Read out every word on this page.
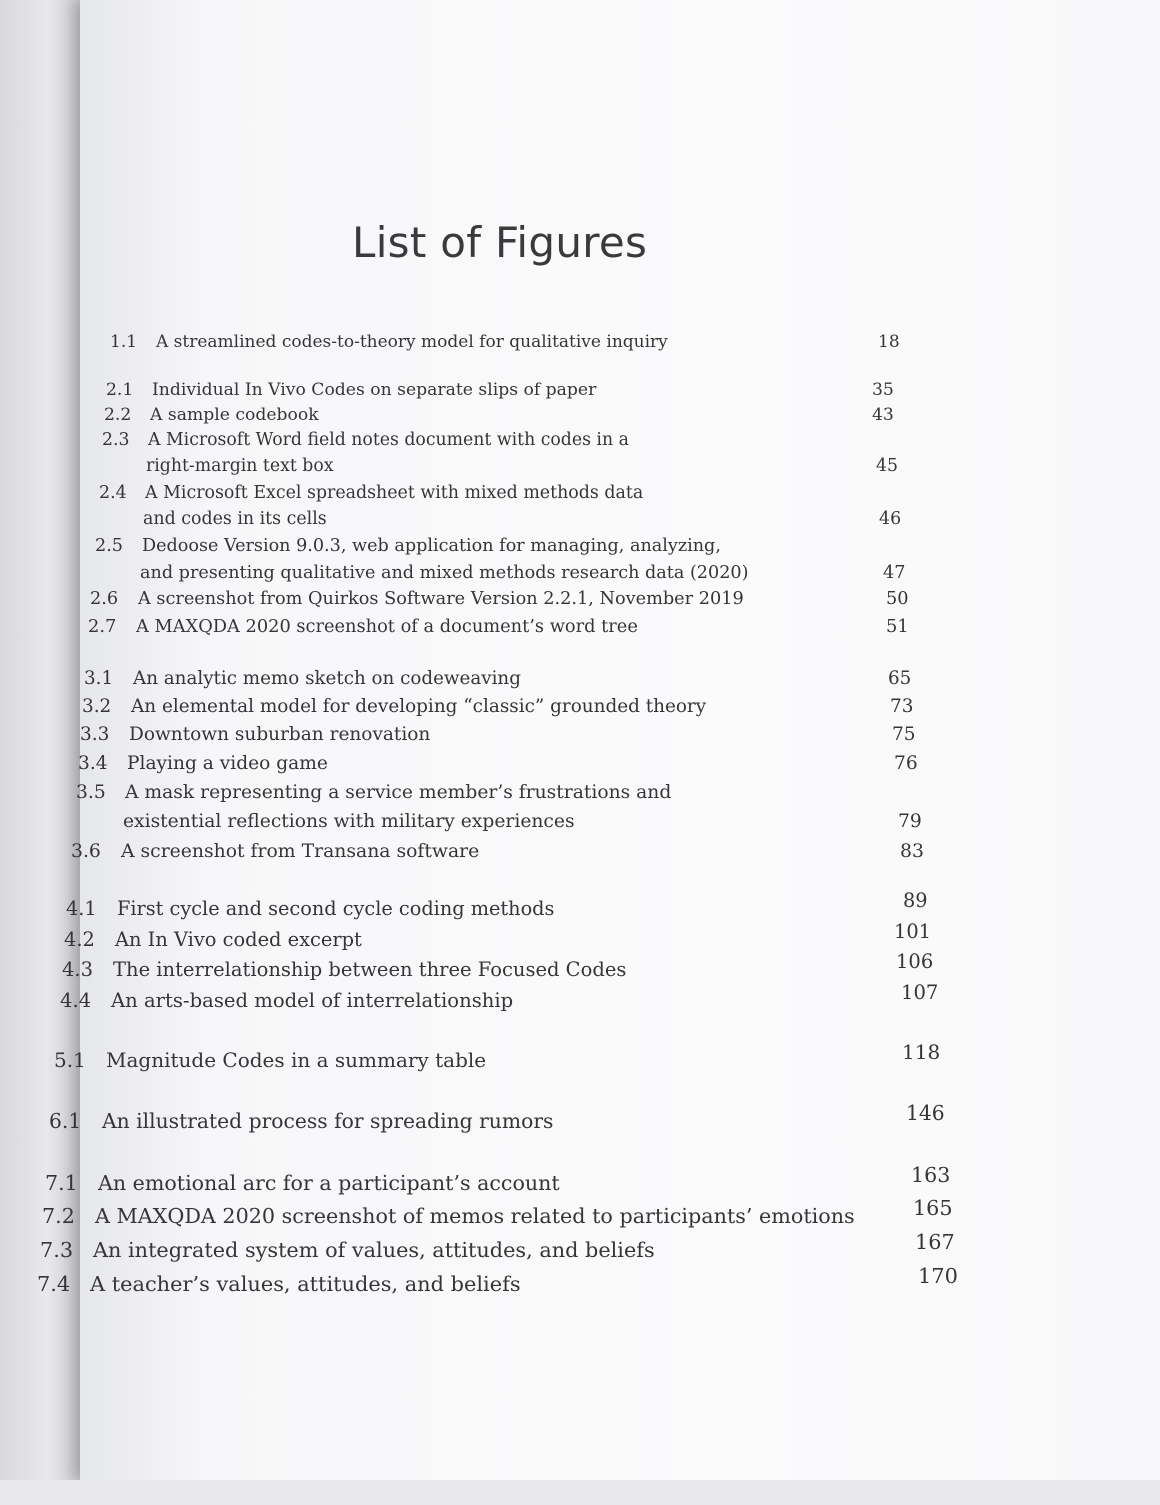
List of Figures
1.1 A streamlined codes-to-theory model for qualitative inquiry	18
2.1 Individual In Vivo Codes on separate slips of paper	35
2.2 A sample codebook	43
2.3 A Microsoft Word field notes document with codes in a
right-margin text box	45
2.4 A Microsoft Excel spreadsheet with mixed methods data
and codes in its cells	46
2.5 Dedoose Version 9.0.3, web application for managing, analyzing,
and presenting qualitative and mixed methods research data (2020)	47
2.6 A screenshot from Quirkos Software Version 2.2.1, November 2019	50
2.7 A MAXQDA 2020 screenshot of a document’s word tree	51
3.1 An analytic memo sketch on codeweaving	65
3.2 An elemental model for developing “classic” grounded theory	73
3.3 Downtown suburban renovation	75
3.4 Playing a video game	76
3.5 A mask representing a service member’s frustrations and
existential reflections with military experiences	79
3.6 A screenshot from Transana software	83
4.1 First cycle and second cycle coding methods	89
4.2 An In Vivo coded excerpt	101
4.3 The interrelationship between three Focused Codes	106
4.4 An arts-based model of interrelationship	107
5.1 Magnitude Codes in a summary table	118
6.1 An illustrated process for spreading rumors	146
7.1 An emotional arc for a participant’s account	163
7.2 A MAXQDA 2020 screenshot of memos related to participants’ emotions	165
7.3 An integrated system of values, attitudes, and beliefs	167
7.4 A teacher’s values, attitudes, and beliefs	170
